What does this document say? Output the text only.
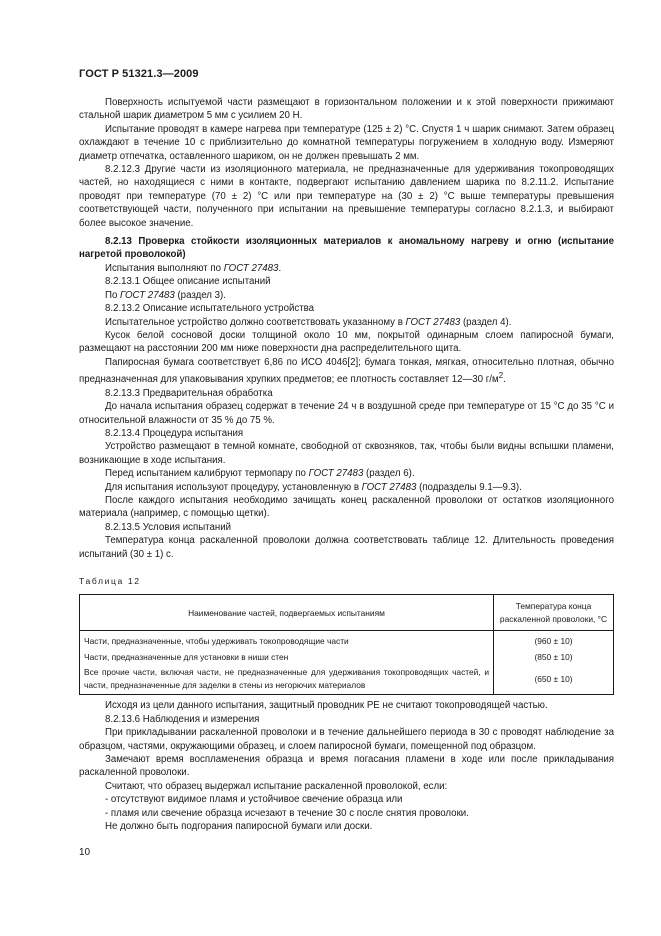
ГОСТ Р 51321.3—2009

Поверхность испытуемой части размещают в горизонтальном положении и к этой поверхности прижимают стальной шарик диаметром 5 мм с усилием 20 Н.

Испытание проводят в камере нагрева при температуре (125 ± 2) °С. Спустя 1 ч шарик снимают. Затем образец охлаждают в течение 10 с приблизительно до комнатной температуры погружением в холодную воду. Измеряют диаметр отпечатка, оставленного шариком, он не должен превышать 2 мм.

8.2.12.3 Другие части из изоляционного материала, не предназначенные для удерживания токопроводящих частей, но находящиеся с ними в контакте, подвергают испытанию давлением шарика по 8.2.11.2. Испытание проводят при температуре (70 ± 2) °С или при температуре на (30 ± 2) °С выше температуры превышения соответствующей части, полученного при испытании на превышение температуры согласно 8.2.1.3, и выбирают более высокое значение.

8.2.13 Проверка стойкости изоляционных материалов к аномальному нагреву и огню (испытание нагретой проволокой)

Испытания выполняют по ГОСТ 27483.

8.2.13.1 Общее описание испытаний

По ГОСТ 27483 (раздел 3).

8.2.13.2 Описание испытательного устройства

Испытательное устройство должно соответствовать указанному в ГОСТ 27483 (раздел 4).

Кусок белой сосновой доски толщиной около 10 мм, покрытой одинарным слоем папиросной бумаги, размещают на расстоянии 200 мм ниже поверхности дна распределительного щита.

Папиросная бумага соответствует 6,86 по ИСО 4046[2]; бумага тонкая, мягкая, относительно плотная, обычно предназначенная для упаковывания хрупких предметов; ее плотность составляет 12—30 $г/м^2$.

8.2.13.3 Предварительная обработка

До начала испытания образец содержат в течение 24 ч в воздушной среде при температуре от 15 °С до 35 °С и относительной влажности от 35 % до 75 %.

8.2.13.4 Процедура испытания

Устройство размещают в темной комнате, свободной от сквозняков, так, чтобы были видны вспышки пламени, возникающие в ходе испытания.

Перед испытанием калибруют термопару по ГОСТ 27483 (раздел 6).

Для испытания используют процедуру, установленную в ГОСТ 27483 (подразделы 9.1—9.3).

После каждого испытания необходимо зачищать конец раскаленной проволоки от остатков изоляционного материала (например, с помощью щетки).

8.2.13.5 Условия испытаний

Температура конца раскаленной проволоки должна соответствовать таблице 12. Длительность проведения испытаний (30 ± 1) с.

Таблица 12

Наименование частей, подвергаемых испытаниям	Температура конца раскаленной проволоки, °С
Части, предназначенные, чтобы удерживать токопроводящие части	(960 ± 10)
Части, предназначенные для установки в ниши стен	(850 ± 10)
Все прочие части, включая части, не предназначенные для удерживания токопроводящих частей, и части, предназначенные для заделки в стены из негорючих материалов	(650 ± 10)

Исходя из цели данного испытания, защитный проводник РЕ не считают токопроводящей частью.

8.2.13.6 Наблюдения и измерения

При прикладывании раскаленной проволоки и в течение дальнейшего периода в 30 с проводят наблюдение за образцом, частями, окружающими образец, и слоем папиросной бумаги, помещенной под образцом.

Замечают время воспламенения образца и время погасания пламени в ходе или после прикладывания раскаленной проволоки.

Считают, что образец выдержал испытание раскаленной проволокой, если:

- отсутствуют видимое пламя и устойчивое свечение образца или

- пламя или свечение образца исчезают в течение 30 с после снятия проволоки.

Не должно быть подгорания папиросной бумаги или доски.

10
